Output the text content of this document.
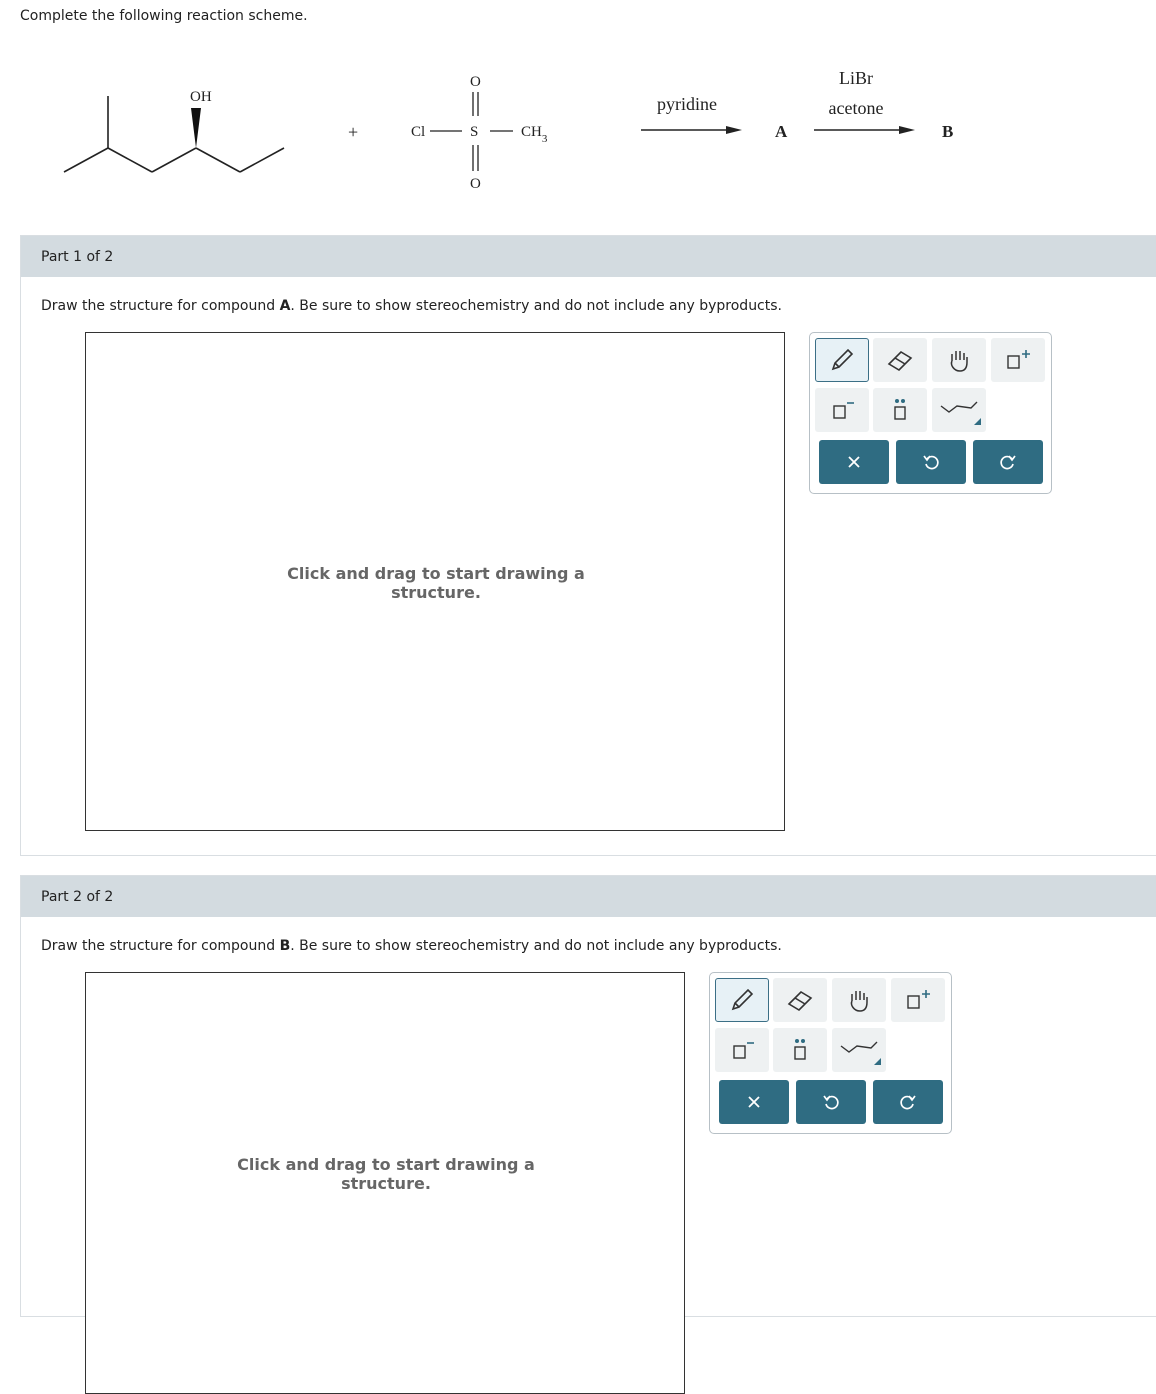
Complete the following reaction scheme.
OH
+	Cl	S	$CH_3$
O
O
pyridine
A
LiBr
acetone
B
Part 1 of 2
Draw the structure for compound A. Be sure to show stereochemistry and do not include any byproducts.
Click and drag to start drawing a structure.
Part 2 of 2
Draw the structure for compound B. Be sure to show stereochemistry and do not include any byproducts.
Click and drag to start drawing a structure.
